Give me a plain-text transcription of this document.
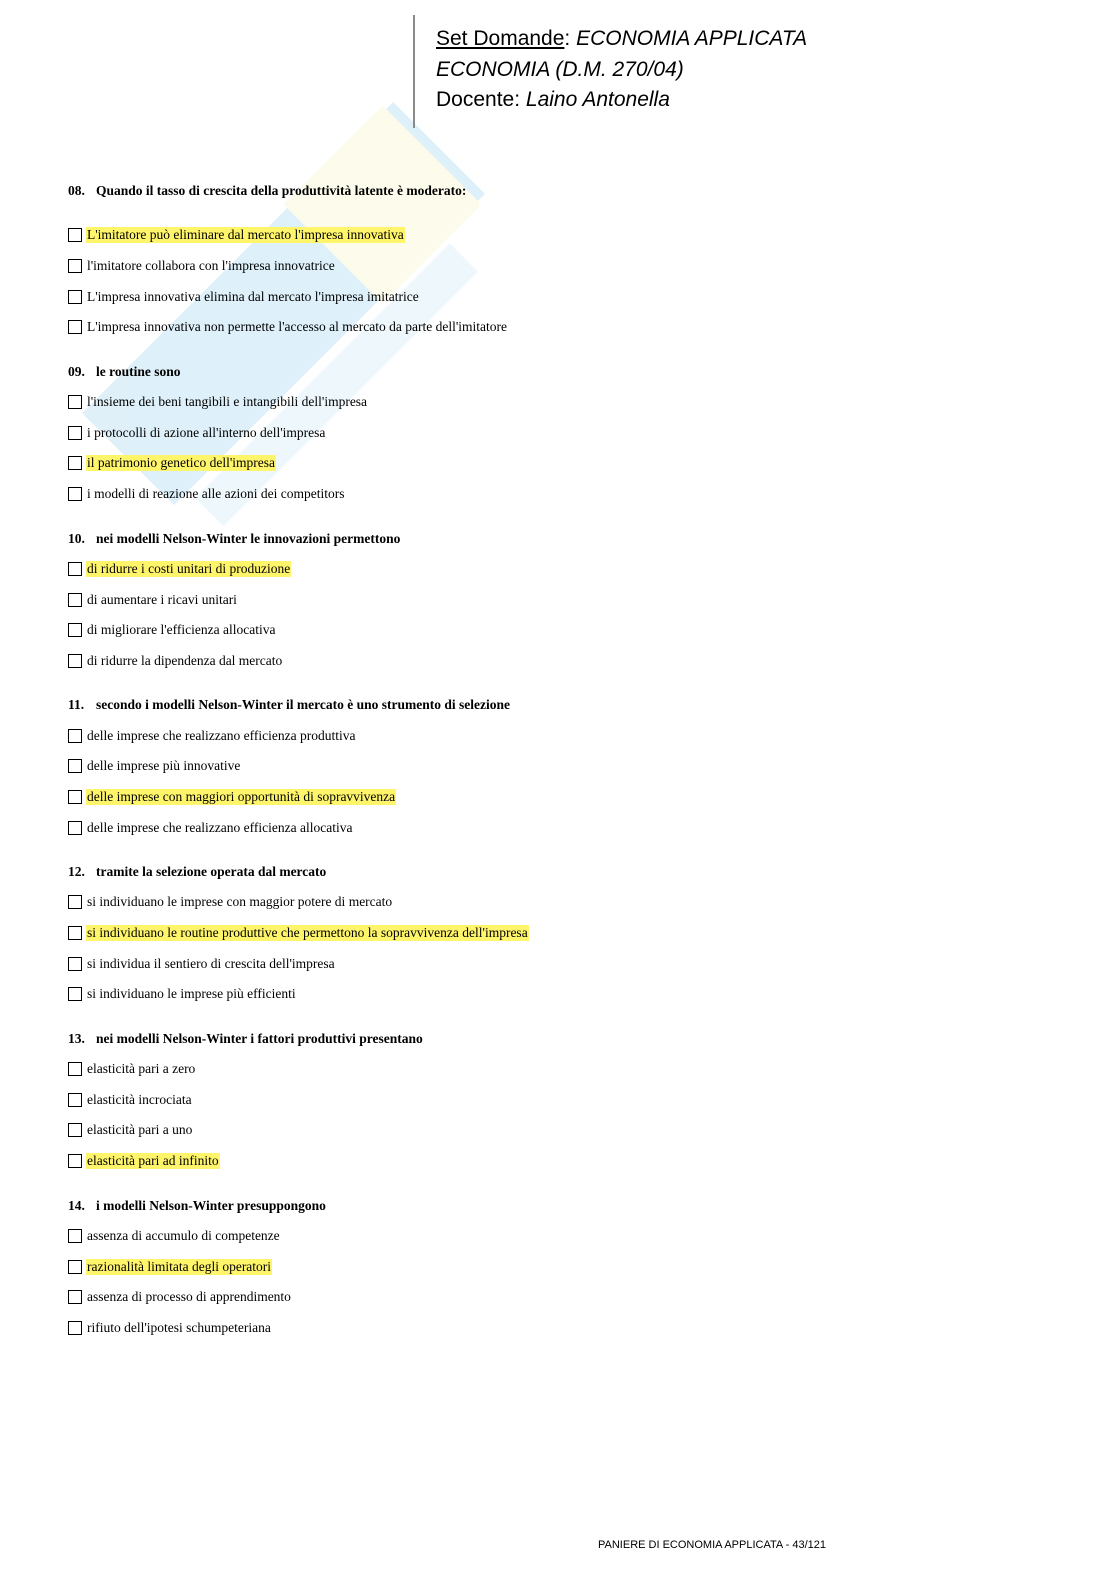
Set Domande: ECONOMIA APPLICATA
ECONOMIA (D.M. 270/04)
Docente: Laino Antonella
08. Quando il tasso di crescita della produttività latente è moderato:
L'imitatore può eliminare dal mercato l'impresa innovativa
l'imitatore collabora con l'impresa innovatrice
L'impresa innovativa elimina dal mercato l'impresa imitatrice
L'impresa innovativa non permette l'accesso al mercato da parte dell'imitatore
09. le routine sono
l'insieme dei beni tangibili e intangibili dell'impresa
i protocolli di azione all'interno dell'impresa
il patrimonio genetico dell'impresa
i modelli di reazione alle azioni dei competitors
10. nei modelli Nelson-Winter le innovazioni permettono
di ridurre i costi unitari di produzione
di aumentare i ricavi unitari
di migliorare l'efficienza allocativa
di ridurre la dipendenza dal mercato
11. secondo i modelli Nelson-Winter il mercato è uno strumento di selezione
delle imprese che realizzano efficienza produttiva
delle imprese più innovative
delle imprese con maggiori opportunità di sopravvivenza
delle imprese che realizzano efficienza allocativa
12. tramite la selezione operata dal mercato
si individuano le imprese con maggior potere di mercato
si individuano le routine produttive che permettono la sopravvivenza dell'impresa
si individua il sentiero di crescita dell'impresa
si individuano le imprese più efficienti
13. nei modelli Nelson-Winter i fattori produttivi presentano
elasticità pari a zero
elasticità incrociata
elasticità pari a uno
elasticità pari ad infinito
14. i modelli Nelson-Winter presuppongono
assenza di accumulo di competenze
razionalità limitata degli operatori
assenza di processo di apprendimento
rifiuto dell'ipotesi schumpeteriana
PANIERE DI ECONOMIA APPLICATA - 43/121
